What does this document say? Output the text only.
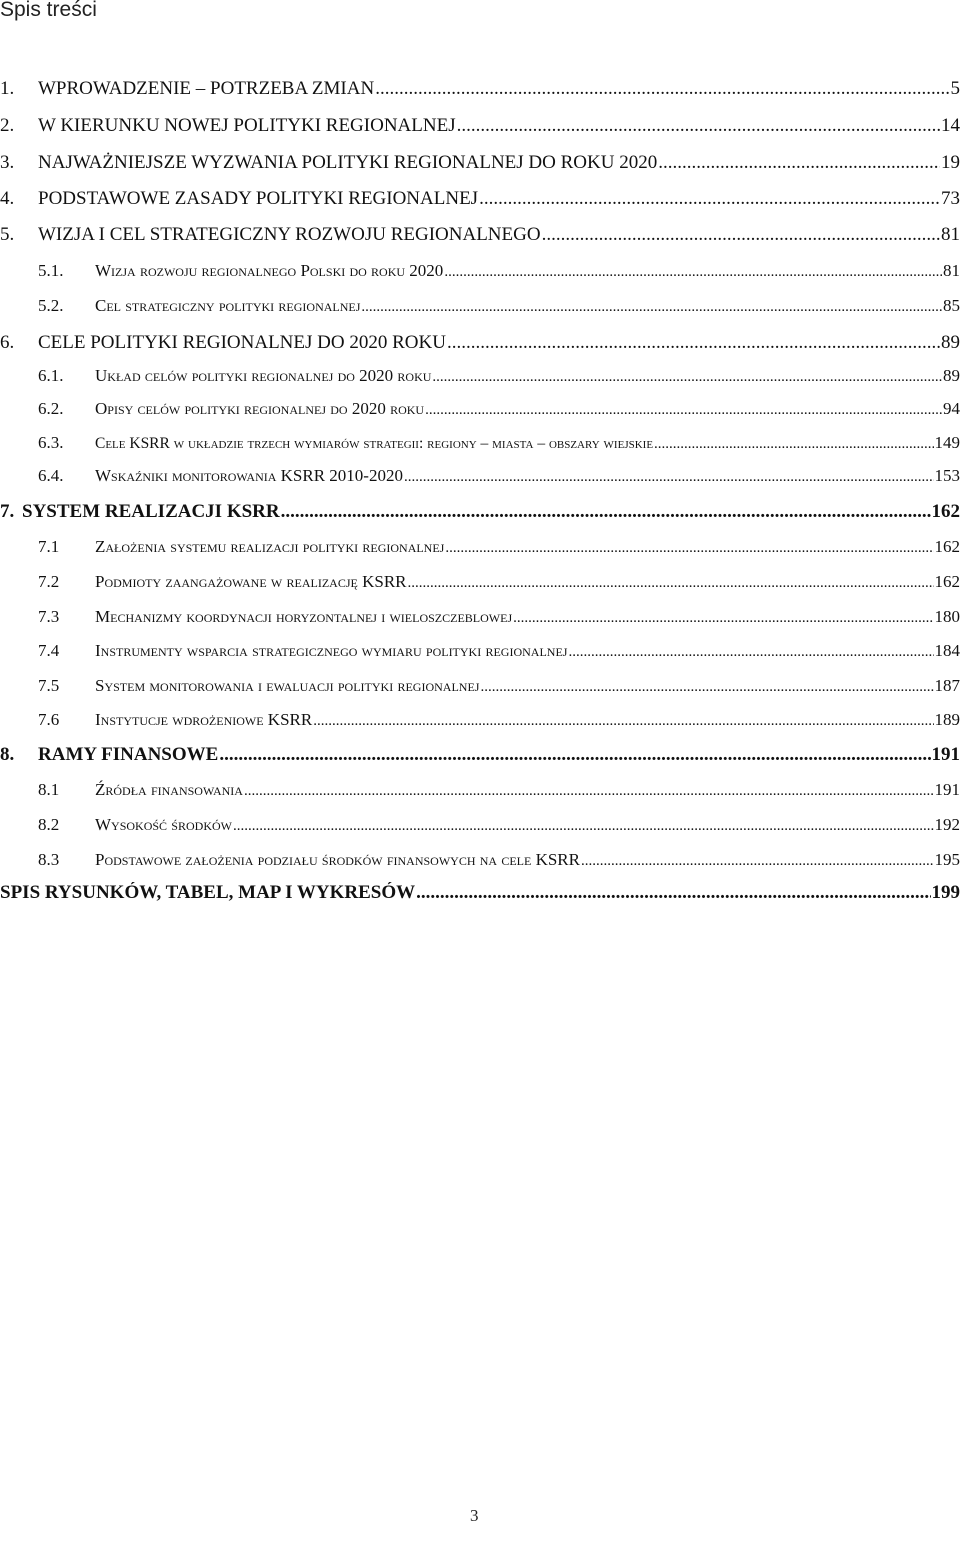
Spis treści
1.	WPROWADZENIE – POTRZEBA ZMIAN .....	5
2.	W KIERUNKU NOWEJ POLITYKI REGIONALNEJ .....	14
3.	NAJWAŻNIEJSZE WYZWANIA POLITYKI REGIONALNEJ DO ROKU 2020 .....	19
4.	PODSTAWOWE ZASADY POLITYKI REGIONALNEJ .....	73
5.	WIZJA I CEL STRATEGICZNY ROZWOJU REGIONALNEGO .....	81
5.1.	Wizja rozwoju regionalnego Polski do roku 2020 .....	81
5.2.	Cel strategiczny polityki regionalnej .....	85
6.	CELE POLITYKI REGIONALNEJ DO 2020 ROKU .....	89
6.1.	Układ celów polityki regionalnej do 2020 roku .....	89
6.2.	Opisy celów polityki regionalnej do 2020 roku .....	94
6.3.	Cele KSRR w układzie trzech wymiarów strategii: regiony – miasta – obszary wiejskie .....	149
6.4.	Wskaźniki monitorowania KSRR 2010-2020 .....	153
7. SYSTEM REALIZACJI KSRR .....	162
7.1	Założenia systemu realizacji polityki regionalnej .....	162
7.2	Podmioty zaangażowane w realizację KSRR .....	162
7.3	Mechanizmy koordynacji horyzontalnej i wieloszczeblowej .....	180
7.4	Instrumenty wsparcia strategicznego wymiaru polityki regionalnej .....	184
7.5	System monitorowania i ewaluacji polityki regionalnej .....	187
7.6	Instytucje wdrożeniowe KSRR .....	189
8.	RAMY FINANSOWE .....	191
8.1	Źródła finansowania .....	191
8.2	Wysokość środków .....	192
8.3	Podstawowe założenia podziału środków finansowych na cele KSRR .....	195
SPIS RYSUNKÓW, TABEL, MAP I WYKRESÓW .....	199
3
